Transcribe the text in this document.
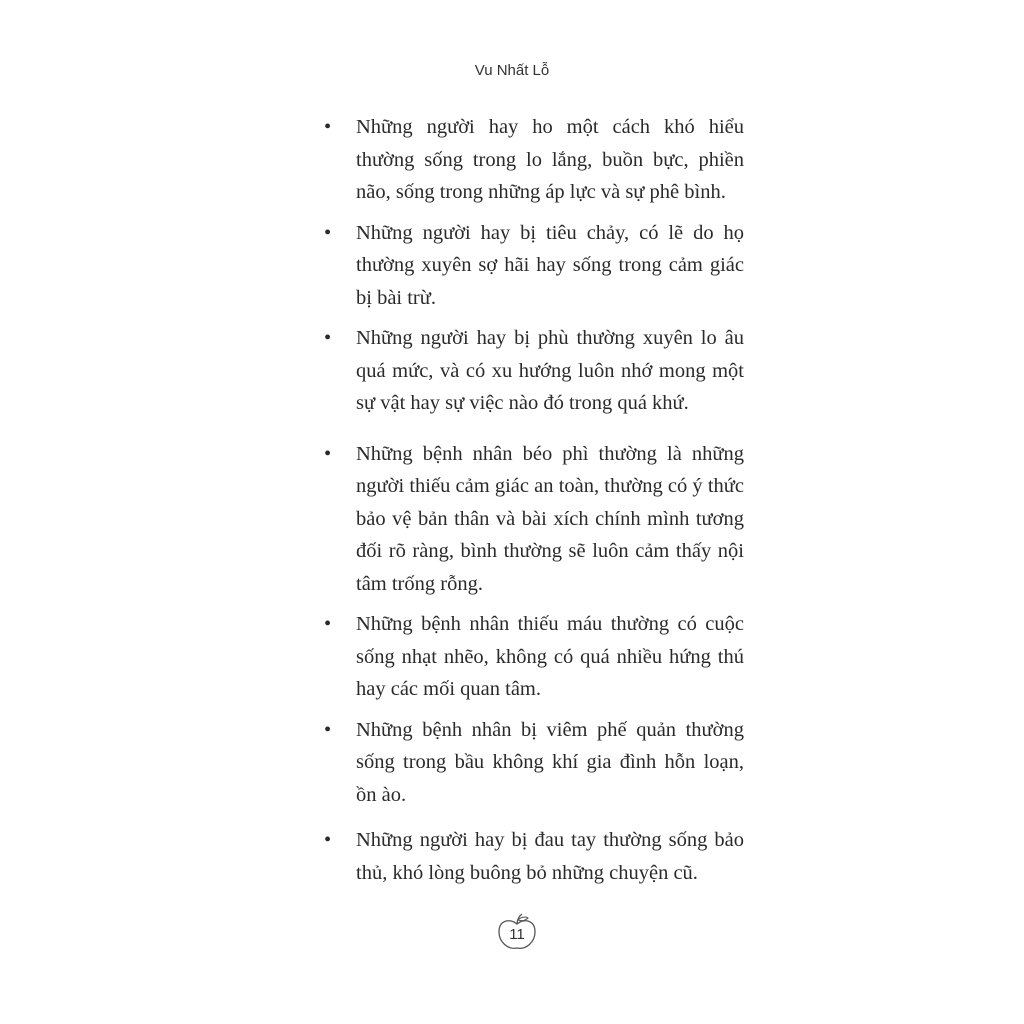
Vu Nhất Lỗ
• Những người hay ho một cách khó hiểu thường sống trong lo lắng, buồn bực, phiền não, sống trong những áp lực và sự phê bình.
• Những người hay bị tiêu chảy, có lẽ do họ thường xuyên sợ hãi hay sống trong cảm giác bị bài trừ.
• Những người hay bị phù thường xuyên lo âu quá mức, và có xu hướng luôn nhớ mong một sự vật hay sự việc nào đó trong quá khứ.
• Những bệnh nhân béo phì thường là những người thiếu cảm giác an toàn, thường có ý thức bảo vệ bản thân và bài xích chính mình tương đối rõ ràng, bình thường sẽ luôn cảm thấy nội tâm trống rỗng.
• Những bệnh nhân thiếu máu thường có cuộc sống nhạt nhẽo, không có quá nhiều hứng thú hay các mối quan tâm.
• Những bệnh nhân bị viêm phế quản thường sống trong bầu không khí gia đình hỗn loạn, ồn ào.
• Những người hay bị đau tay thường sống bảo thủ, khó lòng buông bỏ những chuyện cũ.
11
